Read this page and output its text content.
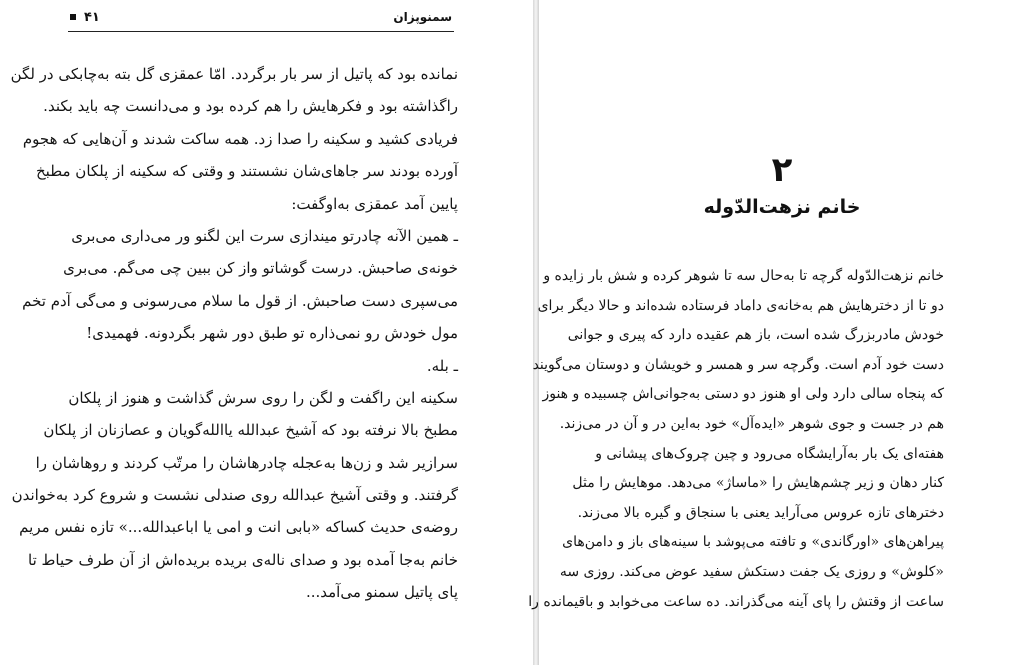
سمنوپزان
۴۱

نمانده بود که پاتیل از سر بار برگردد. امّا عمقزی گل بته به‌چابکی در لگن

راگذاشته بود و فکرهایش را هم کرده بود و می‌دانست چه باید بکند.

فریادی کشید و سکینه را صدا زد. همه ساکت شدند و آن‌هایی که هجوم

آورده بودند سر جاهای‌شان نشستند و وقتی که سکینه از پلکان مطبخ

پایین آمد عمقزی به‌اوگفت:

ـ همین الآنه چادرتو میندازی سرت این لگنو ور می‌داری می‌بری

خونه‌ی صاحبش. درست گوشاتو واز کن ببین چی می‌گم. می‌بری

می‌سپری دست صاحبش. از قول ما سلام می‌رسونی و می‌گی آدم تخم

مول خودش رو نمی‌ذاره تو طبق دور شهر بگردونه. فهمیدی!

ـ بله.

سکینه این راگفت و لگن را روی سرش گذاشت و هنوز از پلکان

مطبخ بالا نرفته بود که آشیخ عبدالله یاالله‌گویان و عصازنان از پلکان

سرازیر شد و زن‌ها به‌عجله چادرهاشان را مرتّب کردند و روهاشان را

گرفتند. و وقتی آشیخ عبدالله روی‌ صندلی نشست و شروع کرد به‌خواندن

روضه‌ی حدیث کساکه «بابی انت و امی یا اباعبدالله...» تازه نفس مریم

خانم به‌جا آمده بود و صدای ناله‌ی بریده بریده‌اش از آن طرف حیاط تا

پای پاتیل سمنو می‌آمد...

۲
خانم نزهت‌الدّوله

خانم نزهت‌الدّوله گرچه تا به‌حال سه تا شوهر کرده و شش بار زایده و

دو تا از دخترهایش هم به‌خانه‌ی داماد فرستاده شده‌اند و حالا دیگر برای

خودش مادربزرگ شده است، باز هم عقیده دارد که پیری و جوانی

دست خود آدم است. وگرچه سر و همسر و خویشان و دوستان می‌گویند

که پنجاه سالی دارد ولی او هنوز دو دستی به‌جوانی‌اش چسبیده و هنوز

هم در جست و جوی شوهر «ایده‌آل» خود به‌این در و آن در می‌زند.

هفته‌ای یک بار به‌آرایشگاه می‌رود و چین چروک‌های پیشانی و

کنار دهان و زیر چشم‌هایش را «ماساژ» می‌دهد. موهایش را مثل

دخترهای تازه عروس می‌آراید یعنی با سنجاق و گیره بالا می‌زند.

پیراهن‌های «اورگاندی» و تافته می‌پوشد با سینه‌های باز و دامن‌های

«کلوش» و روزی یک جفت دستکش سفید عوض می‌کند. روزی سه

ساعت از وقتش را پای آینه می‌گذراند. ده ساعت می‌خوابد و باقیمانده را
